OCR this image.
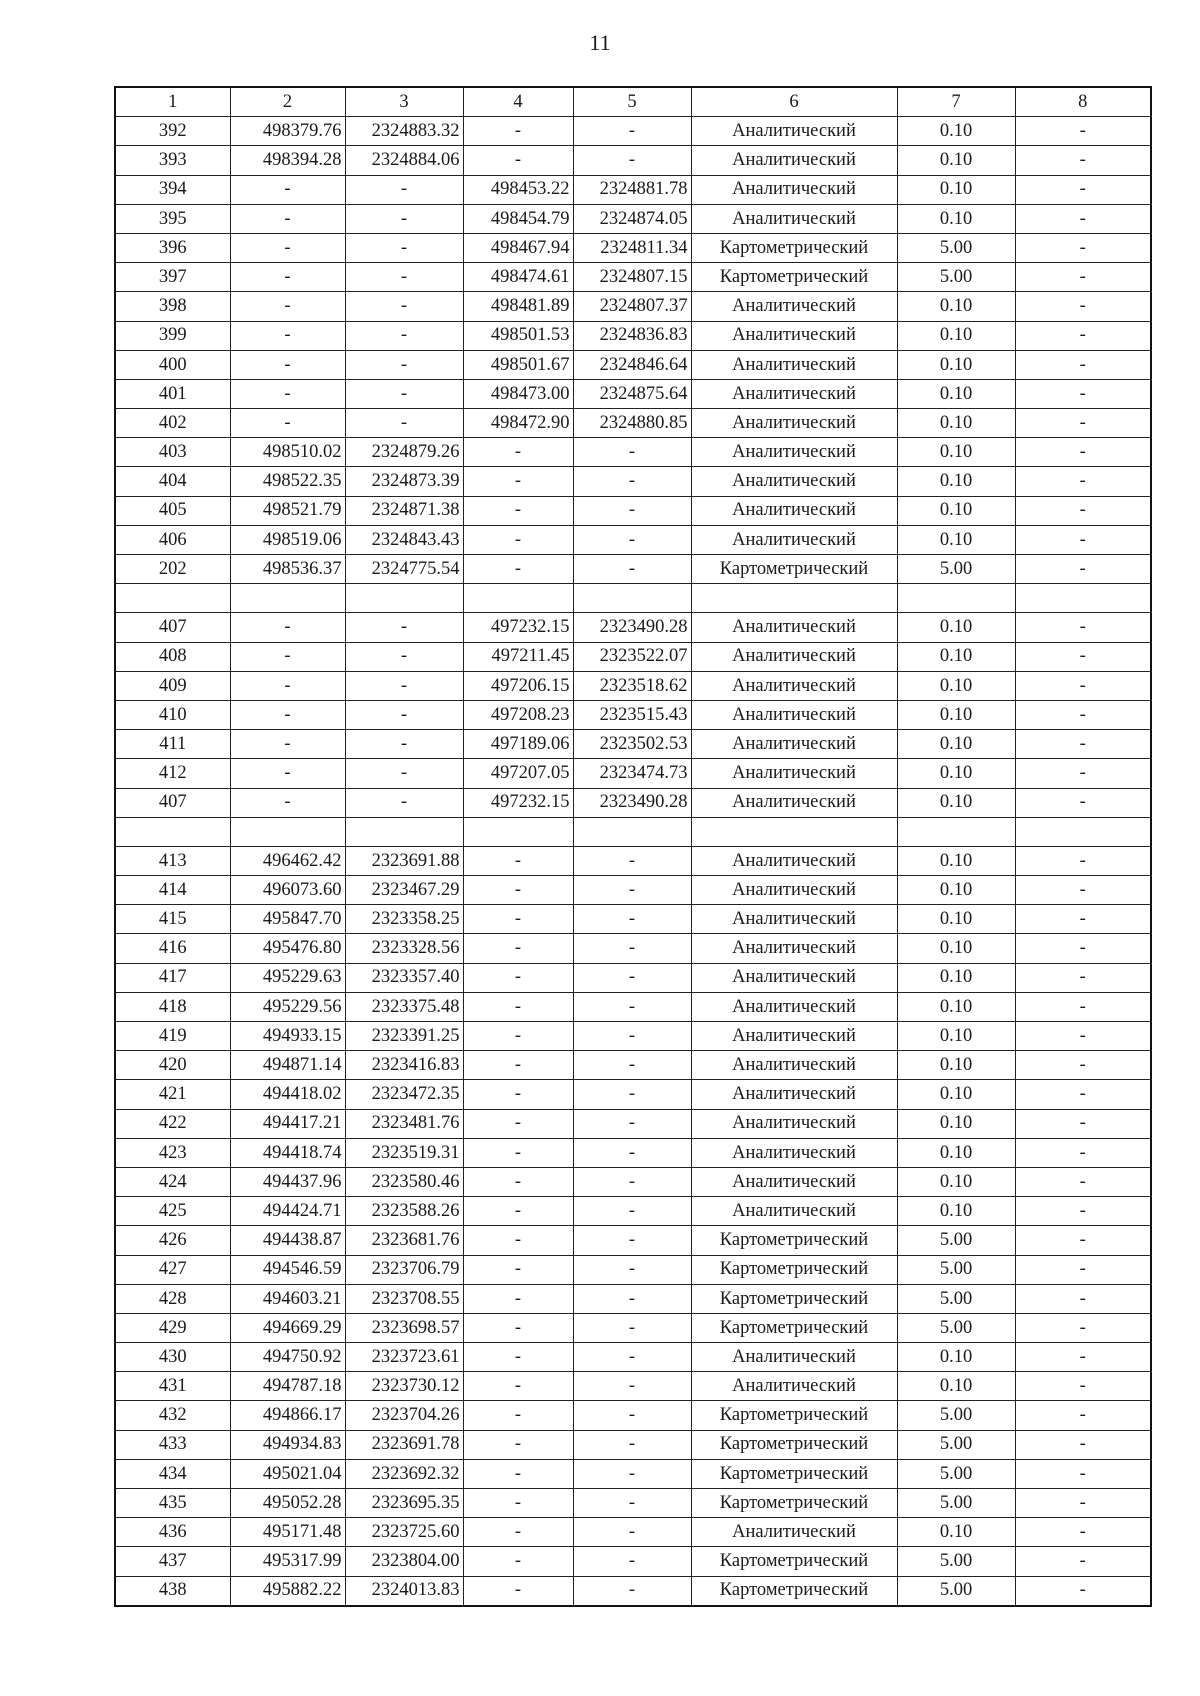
11
1	2	3	4	5	6	7	8
392	498379.76	2324883.32	-	-	Аналитический	0.10	-
393	498394.28	2324884.06	-	-	Аналитический	0.10	-
394	-	-	498453.22	2324881.78	Аналитический	0.10	-
395	-	-	498454.79	2324874.05	Аналитический	0.10	-
396	-	-	498467.94	2324811.34	Картометрический	5.00	-
397	-	-	498474.61	2324807.15	Картометрический	5.00	-
398	-	-	498481.89	2324807.37	Аналитический	0.10	-
399	-	-	498501.53	2324836.83	Аналитический	0.10	-
400	-	-	498501.67	2324846.64	Аналитический	0.10	-
401	-	-	498473.00	2324875.64	Аналитический	0.10	-
402	-	-	498472.90	2324880.85	Аналитический	0.10	-
403	498510.02	2324879.26	-	-	Аналитический	0.10	-
404	498522.35	2324873.39	-	-	Аналитический	0.10	-
405	498521.79	2324871.38	-	-	Аналитический	0.10	-
406	498519.06	2324843.43	-	-	Аналитический	0.10	-
202	498536.37	2324775.54	-	-	Картометрический	5.00	-

407	-	-	497232.15	2323490.28	Аналитический	0.10	-
408	-	-	497211.45	2323522.07	Аналитический	0.10	-
409	-	-	497206.15	2323518.62	Аналитический	0.10	-
410	-	-	497208.23	2323515.43	Аналитический	0.10	-
411	-	-	497189.06	2323502.53	Аналитический	0.10	-
412	-	-	497207.05	2323474.73	Аналитический	0.10	-
407	-	-	497232.15	2323490.28	Аналитический	0.10	-

413	496462.42	2323691.88	-	-	Аналитический	0.10	-
414	496073.60	2323467.29	-	-	Аналитический	0.10	-
415	495847.70	2323358.25	-	-	Аналитический	0.10	-
416	495476.80	2323328.56	-	-	Аналитический	0.10	-
417	495229.63	2323357.40	-	-	Аналитический	0.10	-
418	495229.56	2323375.48	-	-	Аналитический	0.10	-
419	494933.15	2323391.25	-	-	Аналитический	0.10	-
420	494871.14	2323416.83	-	-	Аналитический	0.10	-
421	494418.02	2323472.35	-	-	Аналитический	0.10	-
422	494417.21	2323481.76	-	-	Аналитический	0.10	-
423	494418.74	2323519.31	-	-	Аналитический	0.10	-
424	494437.96	2323580.46	-	-	Аналитический	0.10	-
425	494424.71	2323588.26	-	-	Аналитический	0.10	-
426	494438.87	2323681.76	-	-	Картометрический	5.00	-
427	494546.59	2323706.79	-	-	Картометрический	5.00	-
428	494603.21	2323708.55	-	-	Картометрический	5.00	-
429	494669.29	2323698.57	-	-	Картометрический	5.00	-
430	494750.92	2323723.61	-	-	Аналитический	0.10	-
431	494787.18	2323730.12	-	-	Аналитический	0.10	-
432	494866.17	2323704.26	-	-	Картометрический	5.00	-
433	494934.83	2323691.78	-	-	Картометрический	5.00	-
434	495021.04	2323692.32	-	-	Картометрический	5.00	-
435	495052.28	2323695.35	-	-	Картометрический	5.00	-
436	495171.48	2323725.60	-	-	Аналитический	0.10	-
437	495317.99	2323804.00	-	-	Картометрический	5.00	-
438	495882.22	2324013.83	-	-	Картометрический	5.00	-
